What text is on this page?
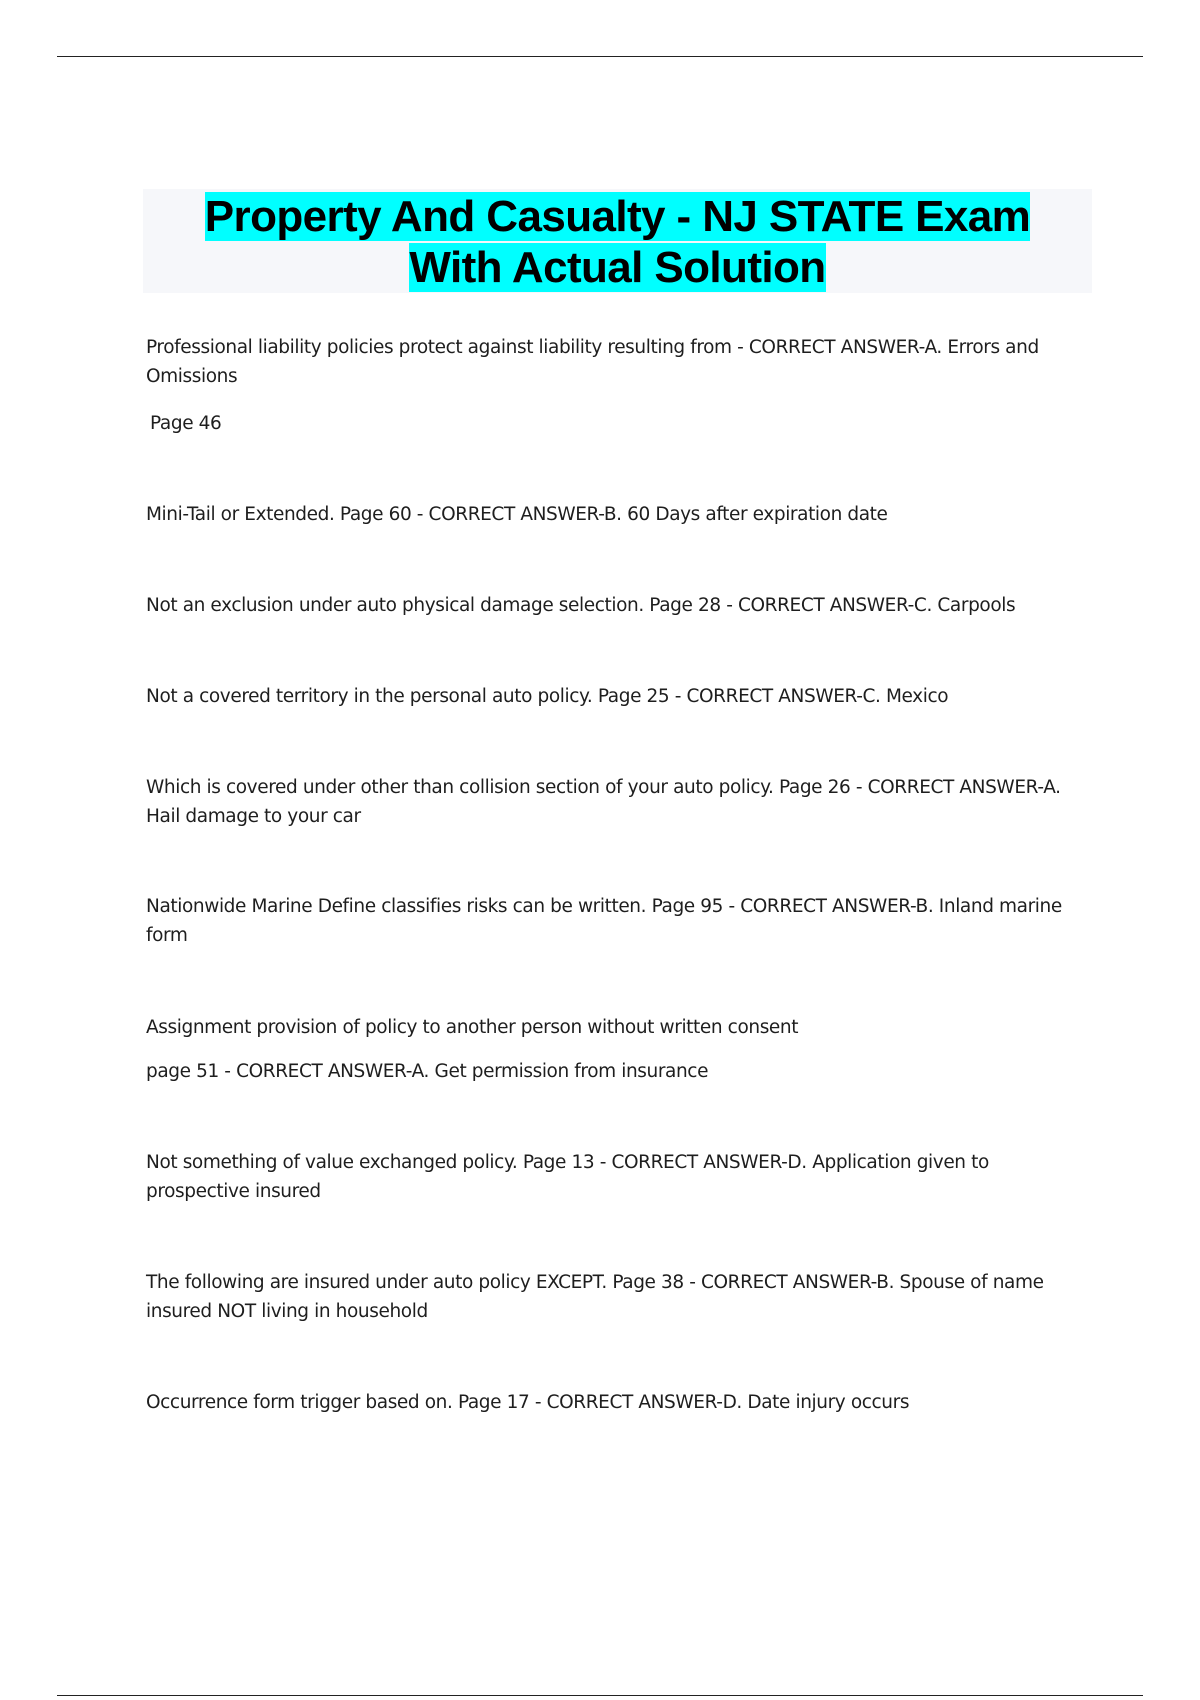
Property And Casualty - NJ STATE Exam
With Actual Solution

Professional liability policies protect against liability resulting from - CORRECT ANSWER-A. Errors and Omissions

Page 46

Mini-Tail or Extended. Page 60 - CORRECT ANSWER-B. 60 Days after expiration date

Not an exclusion under auto physical damage selection. Page 28 - CORRECT ANSWER-C. Carpools

Not a covered territory in the personal auto policy. Page 25 - CORRECT ANSWER-C. Mexico

Which is covered under other than collision section of your auto policy. Page 26 - CORRECT ANSWER-A. Hail damage to your car

Nationwide Marine Define classifies risks can be written. Page 95 - CORRECT ANSWER-B. Inland marine form

Assignment provision of policy to another person without written consent

page 51 - CORRECT ANSWER-A. Get permission from insurance

Not something of value exchanged policy. Page 13 - CORRECT ANSWER-D. Application given to prospective insured

The following are insured under auto policy EXCEPT. Page 38 - CORRECT ANSWER-B. Spouse of name insured NOT living in household

Occurrence form trigger based on. Page 17 - CORRECT ANSWER-D. Date injury occurs
